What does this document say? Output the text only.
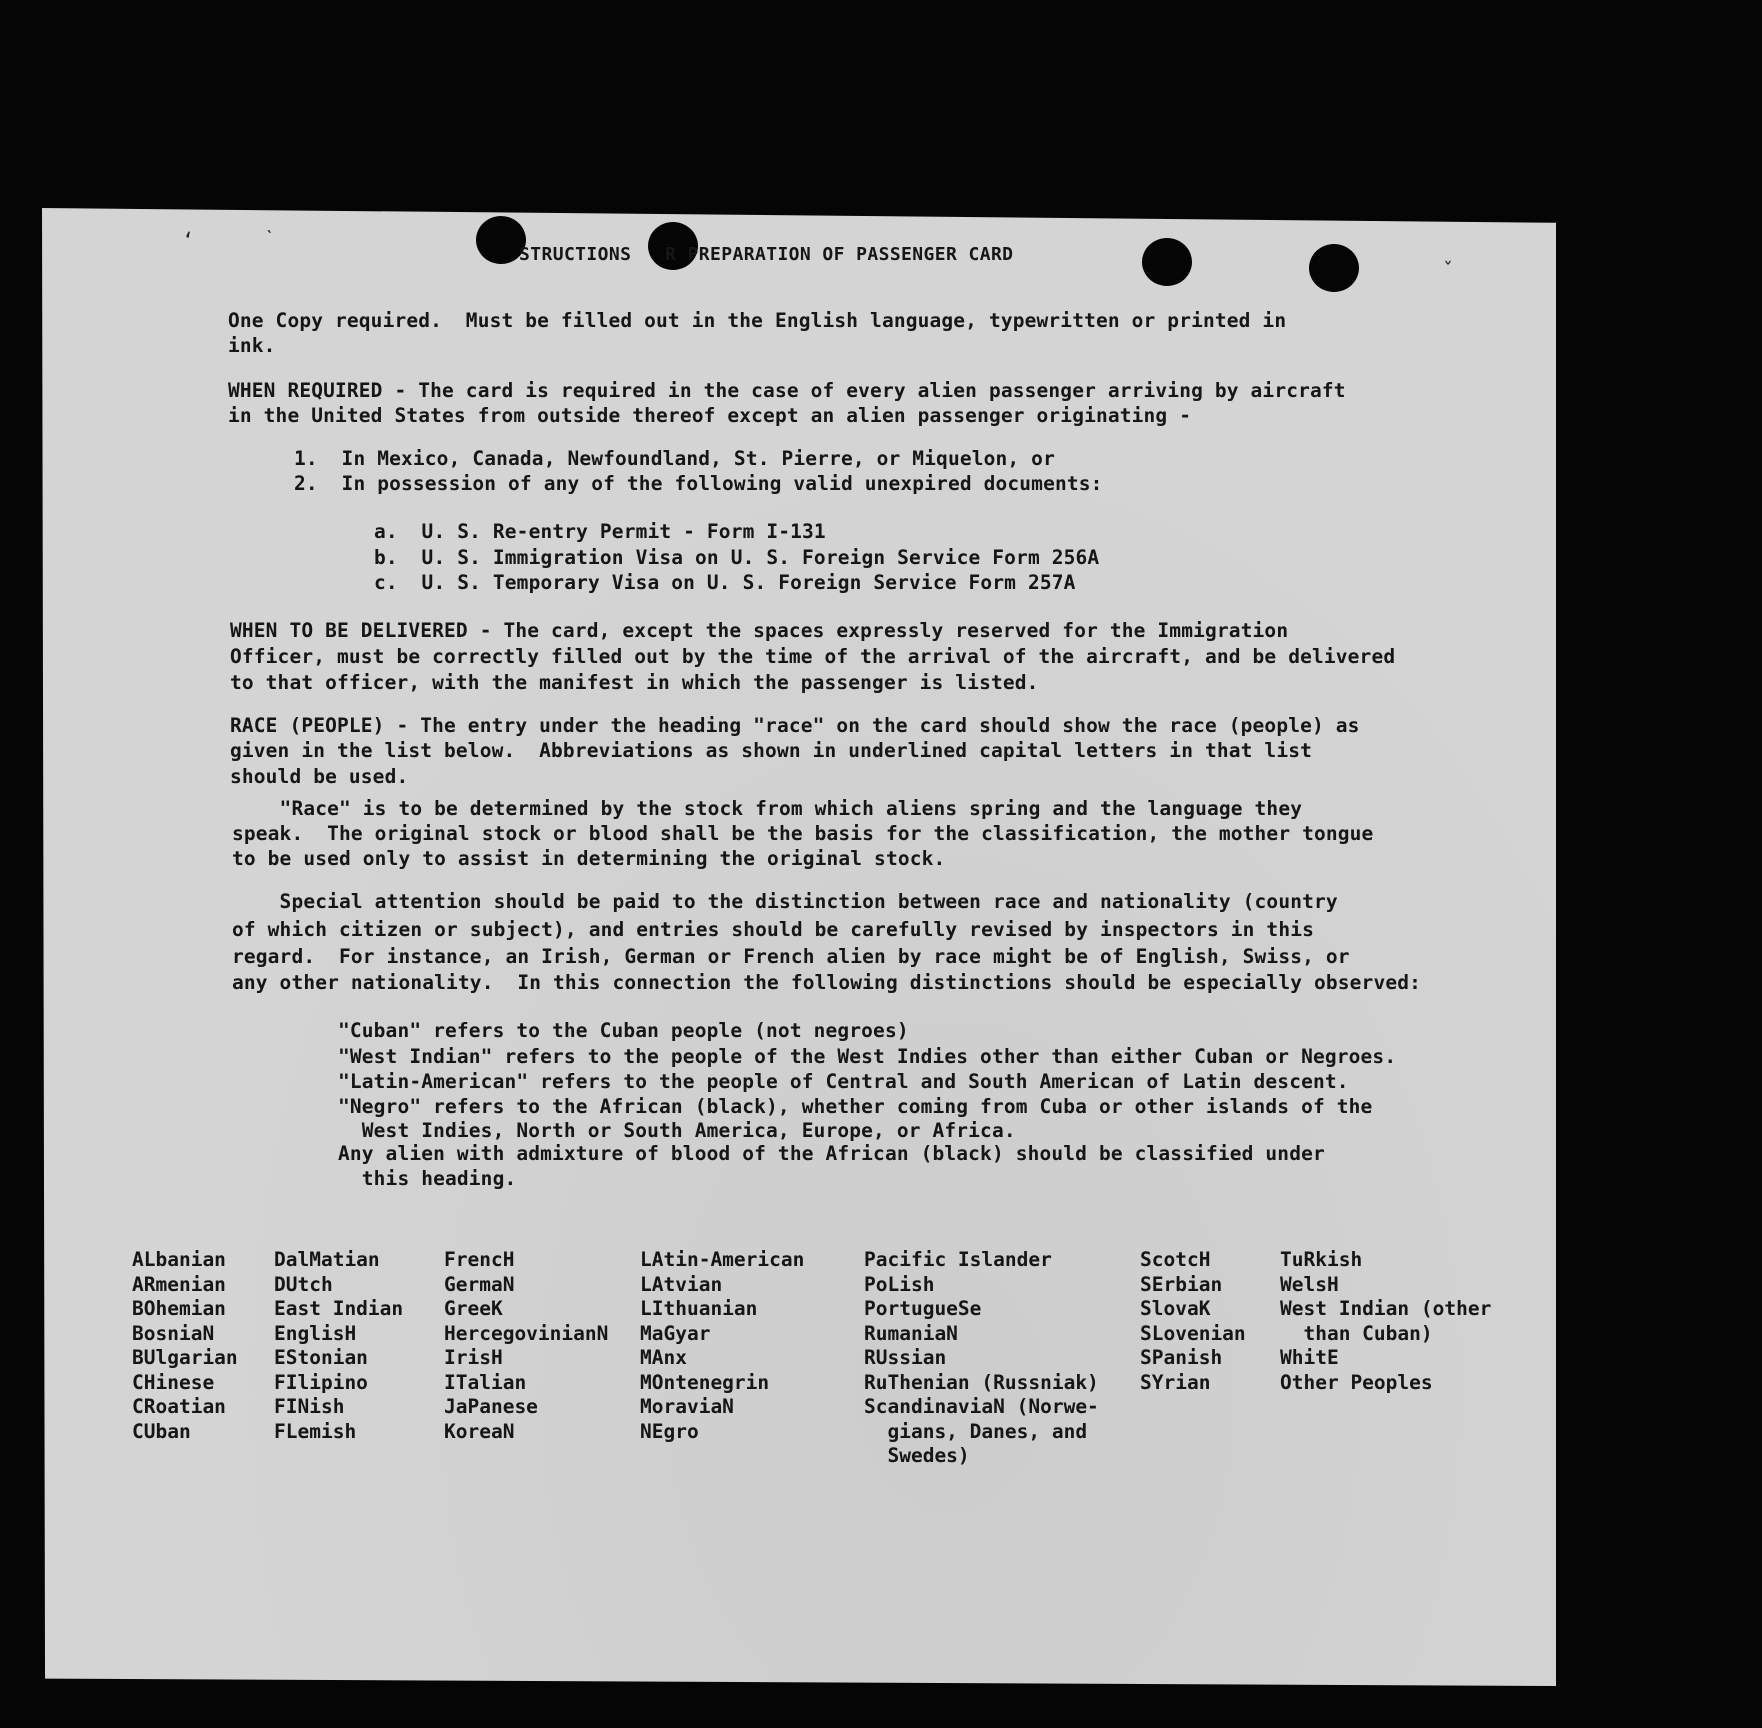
STRUCTIONS   R PREPARATION OF PASSENGER CARD
One Copy required.  Must be filled out in the English language, typewritten or printed in
ink.
WHEN REQUIRED - The card is required in the case of every alien passenger arriving by aircraft
in the United States from outside thereof except an alien passenger originating -
1.  In Mexico, Canada, Newfoundland, St. Pierre, or Miquelon, or
2.  In possession of any of the following valid unexpired documents:
a.  U. S. Re-entry Permit - Form I-131
b.  U. S. Immigration Visa on U. S. Foreign Service Form 256A
c.  U. S. Temporary Visa on U. S. Foreign Service Form 257A
WHEN TO BE DELIVERED - The card, except the spaces expressly reserved for the Immigration
Officer, must be correctly filled out by the time of the arrival of the aircraft, and be delivered
to that officer, with the manifest in which the passenger is listed.
RACE (PEOPLE) - The entry under the heading "race" on the card should show the race (people) as
given in the list below.  Abbreviations as shown in underlined capital letters in that list
should be used.
"Race" is to be determined by the stock from which aliens spring and the language they
speak.  The original stock or blood shall be the basis for the classification, the mother tongue
to be used only to assist in determining the original stock.
Special attention should be paid to the distinction between race and nationality (country
of which citizen or subject), and entries should be carefully revised by inspectors in this
regard.  For instance, an Irish, German or French alien by race might be of English, Swiss, or
any other nationality.  In this connection the following distinctions should be especially observed:
"Cuban" refers to the Cuban people (not negroes)
"West Indian" refers to the people of the West Indies other than either Cuban or Negroes.
"Latin-American" refers to the people of Central and South American of Latin descent.
"Negro" refers to the African (black), whether coming from Cuba or other islands of the
West Indies, North or South America, Europe, or Africa.
Any alien with admixture of blood of the African (black) should be classified under
this heading.
ALbanian
ARmenian
BOhemian
BosniaN
BUlgarian
CHinese
CRoatian
CUban
DalMatian
DUtch
East Indian
EnglisH
EStonian
FIlipino
FINish
FLemish
FrencH
GermaN
GreeK
HercegovinianN
IrisH
ITalian
JaPanese
KoreaN
LAtin-American
LAtvian
LIthuanian
MaGyar
MAnx
MOntenegrin
MoraviaN
NEgro
Pacific Islander
PoLish
PortugueSe
RumaniaN
RUssian
RuThenian (Russniak)
ScandinaviaN (Norwe-
gians, Danes, and
Swedes)
ScotcH
SErbian
SlovaK
SLovenian
SPanish
SYrian
TuRkish
WelsH
West Indian (other
than Cuban)
WhitE
Other Peoples
ʻ	ˋ
ˇ
